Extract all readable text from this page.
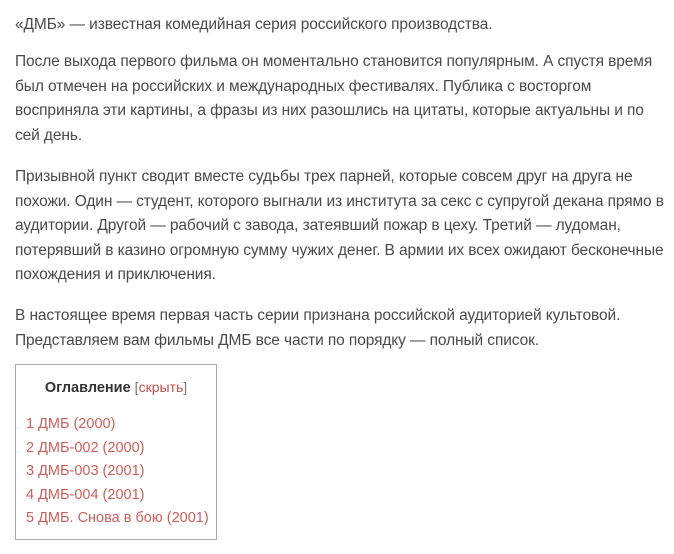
«ДМБ» — известная комедийная серия российского производства.

После выхода первого фильма он моментально становится популярным. А спустя время был отмечен на российских и международных фестивалях. Публика с восторгом восприняла эти картины, а фразы из них разошлись на цитаты, которые актуальны и по сей день.

Призывной пункт сводит вместе судьбы трех парней, которые совсем друг на друга не похожи. Один — студент, которого выгнали из института за секс с супругой декана прямо в аудитории. Другой — рабочий с завода, затеявший пожар в цеху. Третий — лудоман, потерявший в казино огромную сумму чужих денег. В армии их всех ожидают бесконечные похождения и приключения.

В настоящее время первая часть серии признана российской аудиторией культовой. Представляем вам фильмы ДМБ все части по порядку — полный список.

Оглавление [скрыть]
1 ДМБ (2000)
2 ДМБ-002 (2000)
3 ДМБ-003 (2001)
4 ДМБ-004 (2001)
5 ДМБ. Снова в бою (2001)
